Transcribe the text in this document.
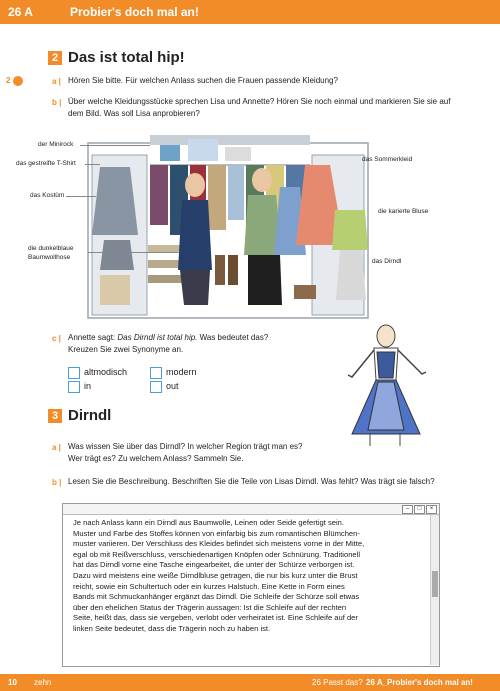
26 A	Probier's doch mal an!
2 Das ist total hip!
2	a | Hören Sie bitte. Für welchen Anlass suchen die Frauen passende Kleidung?
b | Über welche Kleidungsstücke sprechen Lisa und Annette? Hören Sie noch einmal und markieren Sie sie auf
dem Bild. Was soll Lisa anprobieren?
der Minirock
das gestreifte T-Shirt
das Kostüm
die dunkelblaue
Baumwollhose
das Sommerkleid
die karierte Bluse
das Dirndl
c | Annette sagt: Das Dirndl ist total hip. Was bedeutet das?
Kreuzen Sie zwei Synonyme an.
altmodisch	modern
in	out
3 Dirndl
a | Was wissen Sie über das Dirndl? In welcher Region trägt man es?
Wer trägt es? Zu welchem Anlass? Sammeln Sie.
b | Lesen Sie die Beschreibung. Beschriften Sie die Teile von Lisas Dirndl. Was fehlt? Was trägt sie falsch?
–	□	×
Je nach Anlass kann ein Dirndl aus Baumwolle, Leinen oder Seide gefertigt sein.
Muster und Farbe des Stoffes können von einfarbig bis zum romantischen Blümchen-
muster variieren. Der Verschluss des Kleides befindet sich meistens vorne in der Mitte,
egal ob mit Reißverschluss, verschiedenartigen Knöpfen oder Schnürung. Traditionell
hat das Dirndl vorne eine Tasche eingearbeitet, die unter der Schürze verborgen ist.
Dazu wird meistens eine weiße Dirndlbluse getragen, die nur bis kurz unter die Brust
reicht, sowie ein Schultertuch oder ein kurzes Halstuch. Eine Kette in Form eines
Bands mit Schmuckanhänger ergänzt das Dirndl. Die Schleife der Schürze soll etwas
über den ehelichen Status der Trägerin aussagen: Ist die Schleife auf der rechten
Seite, heißt das, dass sie vergeben, verlobt oder verheiratet ist. Eine Schleife auf der
linken Seite bedeutet, dass die Trägerin noch zu haben ist.
10 zehn	26 Passt das? 26 A_Probier's doch mal an!
